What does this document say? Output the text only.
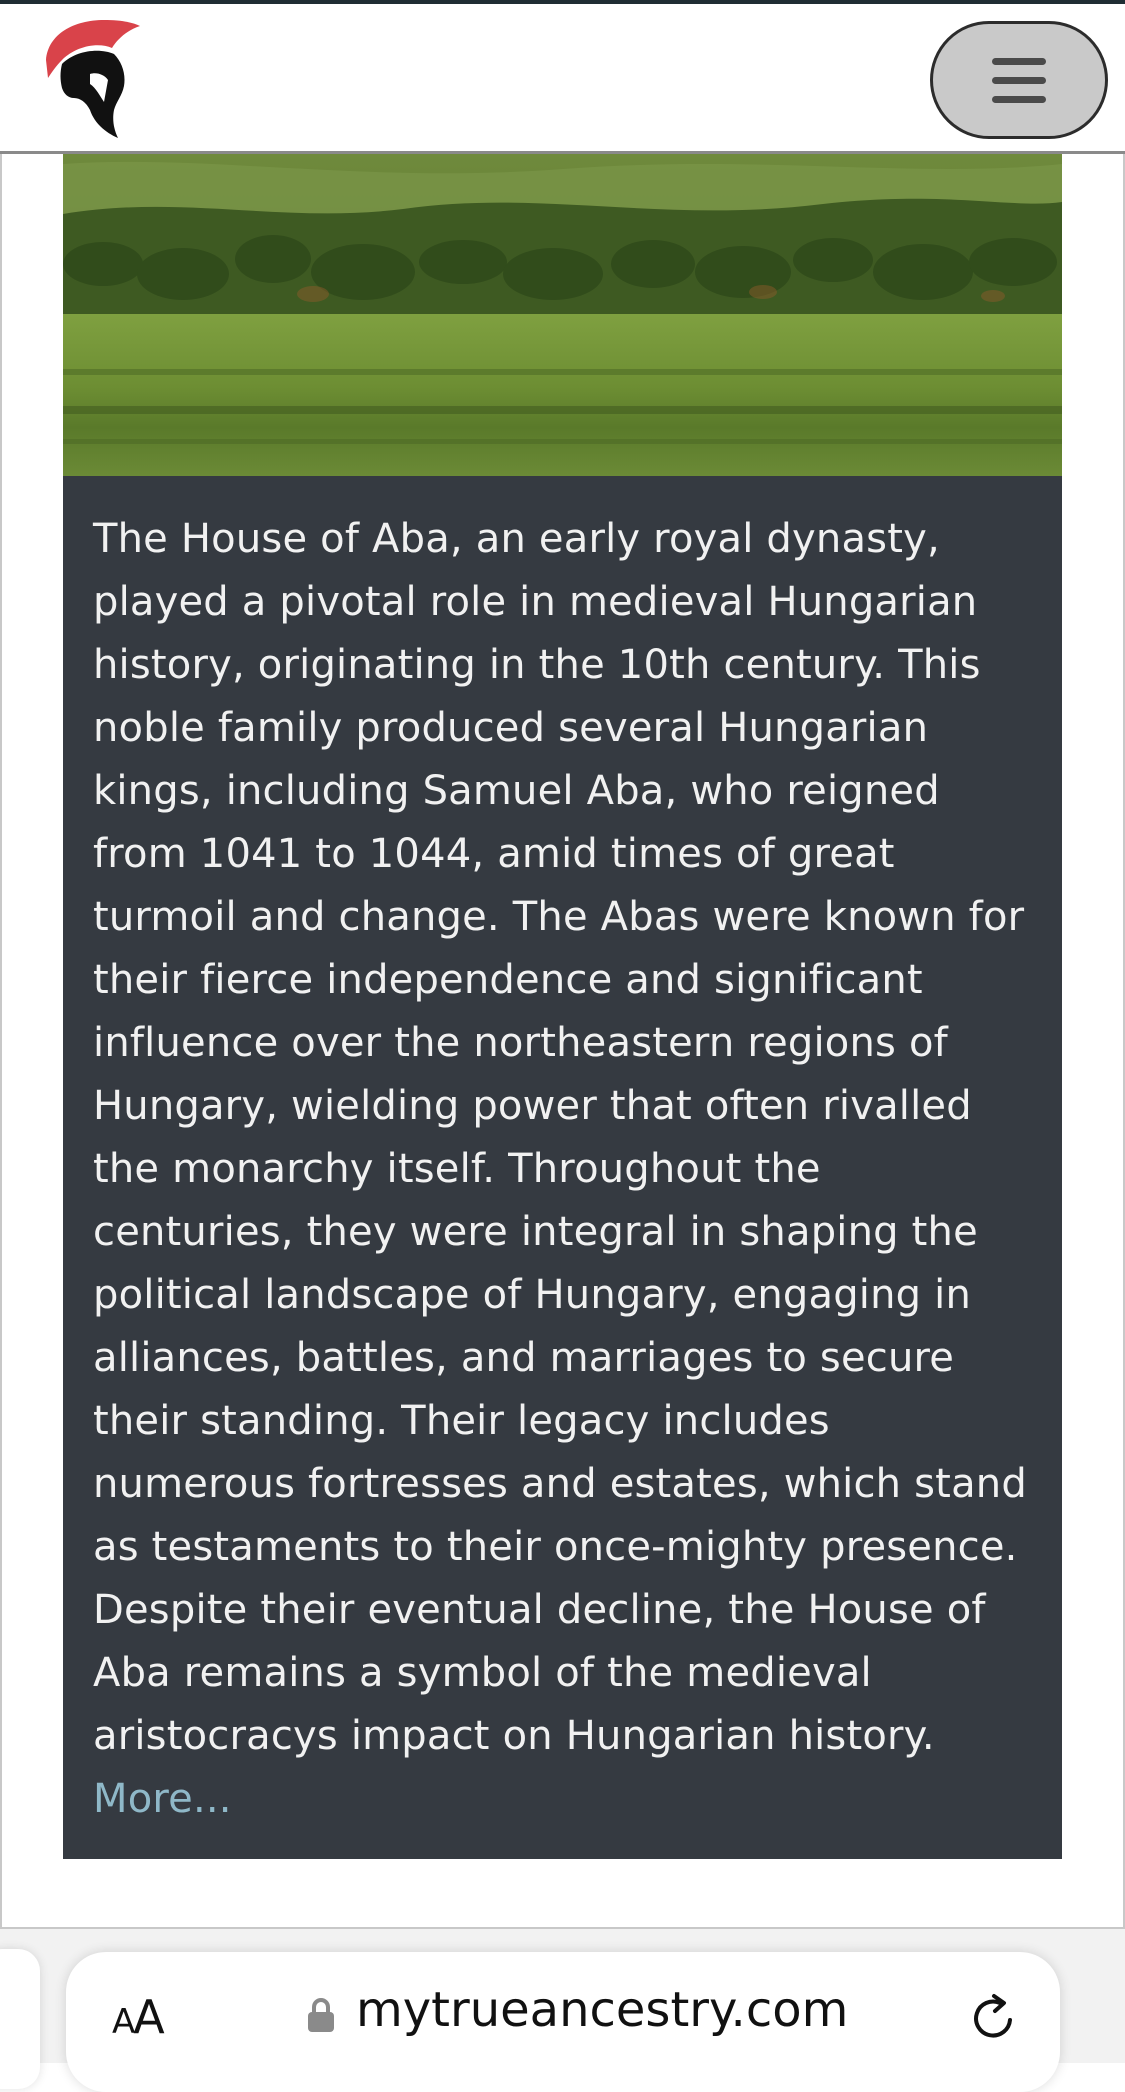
The House of Aba, an early royal dynasty, played a pivotal role in medieval Hungarian history, originating in the 10th century. This noble family produced several Hungarian kings, including Samuel Aba, who reigned from 1041 to 1044, amid times of great turmoil and change. The Abas were known for their fierce independence and significant influence over the northeastern regions of Hungary, wielding power that often rivalled the monarchy itself. Throughout the centuries, they were integral in shaping the political landscape of Hungary, engaging in alliances, battles, and marriages to secure their standing. Their legacy includes numerous fortresses and estates, which stand as testaments to their once-mighty presence. Despite their eventual decline, the House of Aba remains a symbol of the medieval aristocracys impact on Hungarian history. More...

AA	mytrueancestry.com
